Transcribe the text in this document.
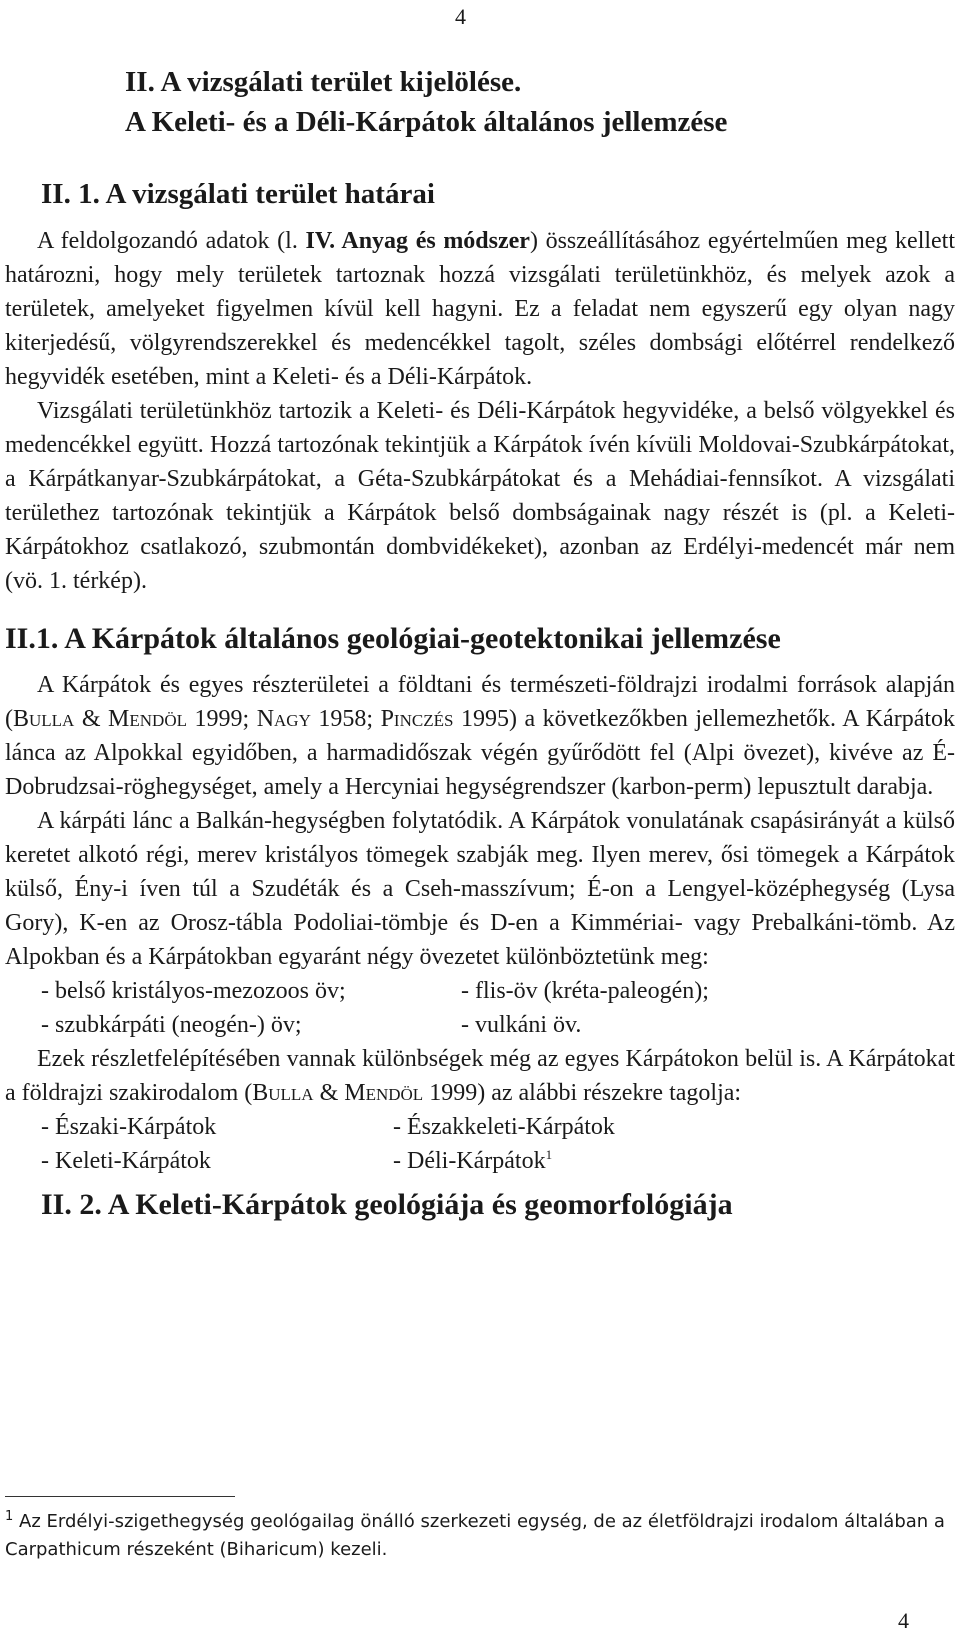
4
II. A vizsgálati terület kijelölése.
A Keleti- és a Déli-Kárpátok általános jellemzése
II. 1. A vizsgálati terület határai

A feldolgozandó adatok (l. IV. Anyag és módszer) összeállításához egyértelműen meg kellett határozni, hogy mely területek tartoznak hozzá vizsgálati területünkhöz, és melyek azok a területek, amelyeket figyelmen kívül kell hagyni. Ez a feladat nem egyszerű egy olyan nagy kiterjedésű, völgyrendszerekkel és medencékkel tagolt, széles dombsági előtérrel rendelkező hegyvidék esetében, mint a Keleti- és a Déli-Kárpátok.

Vizsgálati területünkhöz tartozik a Keleti- és Déli-Kárpátok hegyvidéke, a belső völgyekkel és medencékkel együtt. Hozzá tartozónak tekintjük a Kárpátok ívén kívüli Moldovai-Szubkárpátokat, a Kárpátkanyar-Szubkárpátokat, a Géta-Szubkárpátokat és a Mehádiai-fennsíkot. A vizsgálati területhez tartozónak tekintjük a Kárpátok belső dombságainak nagy részét is (pl. a Keleti-Kárpátokhoz csatlakozó, szubmontán dombvidékeket), azonban az Erdélyi-medencét már nem (vö. 1. térkép).

II.1. A Kárpátok általános geológiai-geotektonikai jellemzése

A Kárpátok és egyes részterületei a földtani és természeti-földrajzi irodalmi források alapján (Bulla & Mendöl 1999; Nagy 1958; Pinczés 1995) a következőkben jellemezhetők. A Kárpátok lánca az Alpokkal egyidőben, a harmadidőszak végén gyűrődött fel (Alpi övezet), kivéve az É-Dobrudzsai-röghegységet, amely a Hercyniai hegységrendszer (karbon-perm) lepusztult darabja.

A kárpáti lánc a Balkán-hegységben folytatódik. A Kárpátok vonulatának csapásirányát a külső keretet alkotó régi, merev kristályos tömegek szabják meg. Ilyen merev, ősi tömegek a Kárpátok külső, Ény-i íven túl a Szudéták és a Cseh-masszívum; É-on a Lengyel-középhegység (Lysa Gory), K-en az Orosz-tábla Podoliai-tömbje és D-en a Kimmériai- vagy Prebalkáni-tömb. Az Alpokban és a Kárpátokban egyaránt négy övezetet különböztetünk meg:

- belső kristályos-mezozoos öv;	- flis-öv (kréta-paleogén);
- szubkárpáti (neogén-) öv;	- vulkáni öv.

Ezek részletfelépítésében vannak különbségek még az egyes Kárpátokon belül is. A Kárpátokat a földrajzi szakirodalom (Bulla & Mendöl 1999) az alábbi részekre tagolja:

- Északi-Kárpátok	- Északkeleti-Kárpátok
- Keleti-Kárpátok	- Déli-Kárpátok$^1$
II. 2. A Keleti-Kárpátok geológiája és geomorfológiája
$^1$ Az Erdélyi-szigethegység geológailag önálló szerkezeti egység, de az életföldrajzi irodalom általában a Carpathicum részeként (Biharicum) kezeli.
4
